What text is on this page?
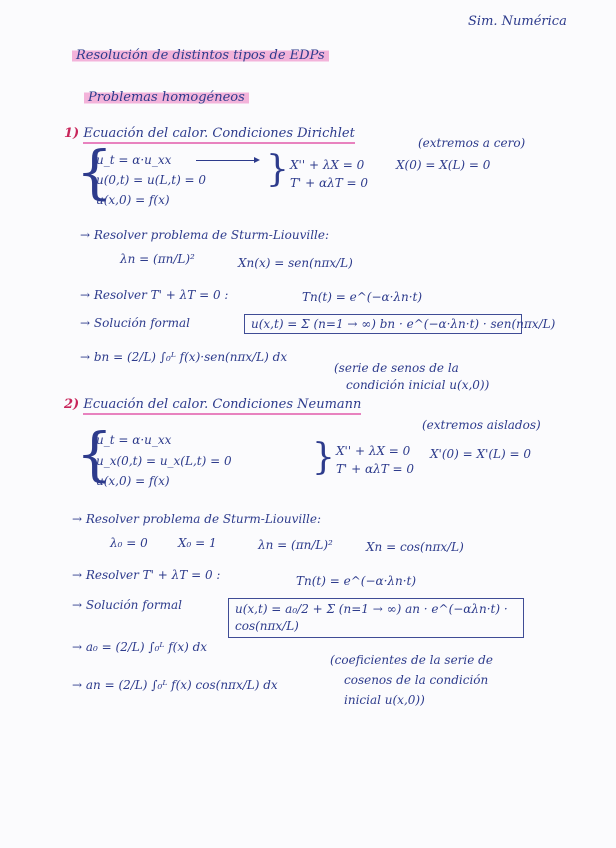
Sim. Numérica
Resolución de distintos tipos de EDPs
Problemas homogéneos
1) Ecuación del calor. Condiciones Dirichlet
(extremos a cero)
{
u_t = α·u_xx
u(0,t) = u(L,t) = 0
u(x,0) = f(x)
} X'' + λX = 0
T' + αλT = 0
X(0) = X(L) = 0
→ Resolver problema de Sturm-Liouville:
λn = (πn/L)²	Xn(x) = sen(nπx/L)
→ Resolver T' + λT = 0 :	Tn(t) = e^(−α·λn·t)
→ Solución formal	u(x,t) = Σ (n=1 → ∞) bn · e^(−α·λn·t) · sen(nπx/L)
→ bn = (2/L) ∫₀ᴸ f(x)·sen(nπx/L) dx
(serie de senos de la
condición inicial u(x,0))
2) Ecuación del calor. Condiciones Neumann
(extremos aislados)
{
u_t = α·u_xx
u_x(0,t) = u_x(L,t) = 0
u(x,0) = f(x)
} X'' + λX = 0
T' + αλT = 0
X'(0) = X'(L) = 0
→ Resolver problema de Sturm-Liouville:
λ₀ = 0	X₀ = 1	λn = (πn/L)²	Xn = cos(nπx/L)
→ Resolver T' + λT = 0 :	Tn(t) = e^(−α·λn·t)
→ Solución formal	u(x,t) = a₀/2 + Σ (n=1 → ∞) an · e^(−αλn·t) · cos(nπx/L)
→ a₀ = (2/L) ∫₀ᴸ f(x) dx
→ an = (2/L) ∫₀ᴸ f(x) cos(nπx/L) dx
(coeficientes de la serie de
cosenos de la condición
inicial u(x,0))
